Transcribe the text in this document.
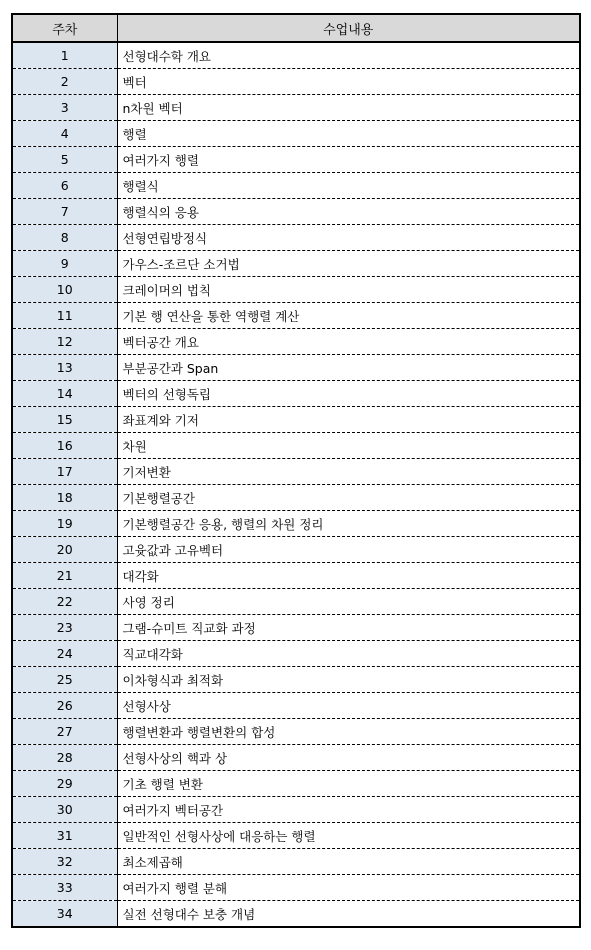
주차	수업내용
1	선형대수학 개요
2	벡터
3	n차원 벡터
4	행렬
5	여러가지 행렬
6	행렬식
7	행렬식의 응용
8	선형연립방정식
9	가우스-조르단 소거법
10	크레이머의 법칙
11	기본 행 연산을 통한 역행렬 계산
12	벡터공간 개요
13	부분공간과 Span
14	벡터의 선형독립
15	좌표계와 기저
16	차원
17	기저변환
18	기본행렬공간
19	기본행렬공간 응용, 행렬의 차원 정리
20	고윳값과 고유벡터
21	대각화
22	사영 정리
23	그램-슈미트 직교화 과정
24	직교대각화
25	이차형식과 최적화
26	선형사상
27	행렬변환과 행렬변환의 합성
28	선형사상의 핵과 상
29	기초 행렬 변환
30	여러가지 벡터공간
31	일반적인 선형사상에 대응하는 행렬
32	최소제곱해
33	여러가지 행렬 분해
34	실전 선형대수 보충 개념
